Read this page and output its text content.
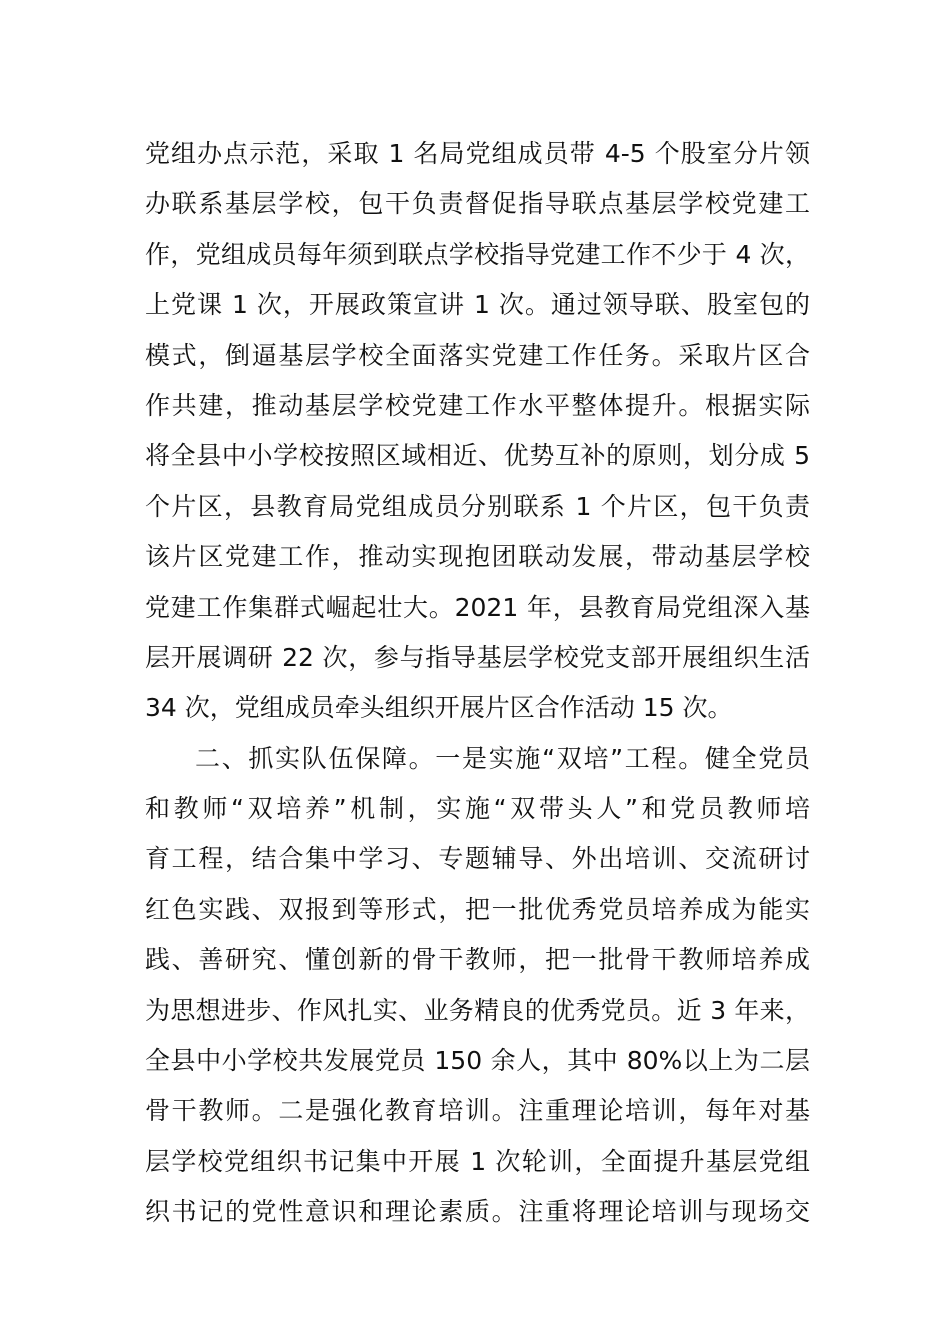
党组办点示范，采取 1 名局党组成员带 4-5 个股室分片领
办联系基层学校，包干负责督促指导联点基层学校党建工
作，党组成员每年须到联点学校指导党建工作不少于 4 次，
上党课 1 次，开展政策宣讲 1 次。通过领导联、股室包的
模式，倒逼基层学校全面落实党建工作任务。采取片区合
作共建，推动基层学校党建工作水平整体提升。根据实际
将全县中小学校按照区域相近、优势互补的原则，划分成 5
个片区，县教育局党组成员分别联系 1 个片区，包干负责
该片区党建工作，推动实现抱团联动发展，带动基层学校
党建工作集群式崛起壮大。2021 年，县教育局党组深入基
层开展调研 22 次，参与指导基层学校党支部开展组织生活
34 次，党组成员牵头组织开展片区合作活动 15 次。
二、抓实队伍保障。一是实施“双培”工程。健全党员
和教师“双培养”机制，实施“双带头人”和党员教师培
育工程，结合集中学习、专题辅导、外出培训、交流研讨
红色实践、双报到等形式，把一批优秀党员培养成为能实
践、善研究、懂创新的骨干教师，把一批骨干教师培养成
为思想进步、作风扎实、业务精良的优秀党员。近 3 年来，
全县中小学校共发展党员 150 余人，其中 80%以上为二层
骨干教师。二是强化教育培训。注重理论培训，每年对基
层学校党组织书记集中开展 1 次轮训，全面提升基层党组
织书记的党性意识和理论素质。注重将理论培训与现场交
